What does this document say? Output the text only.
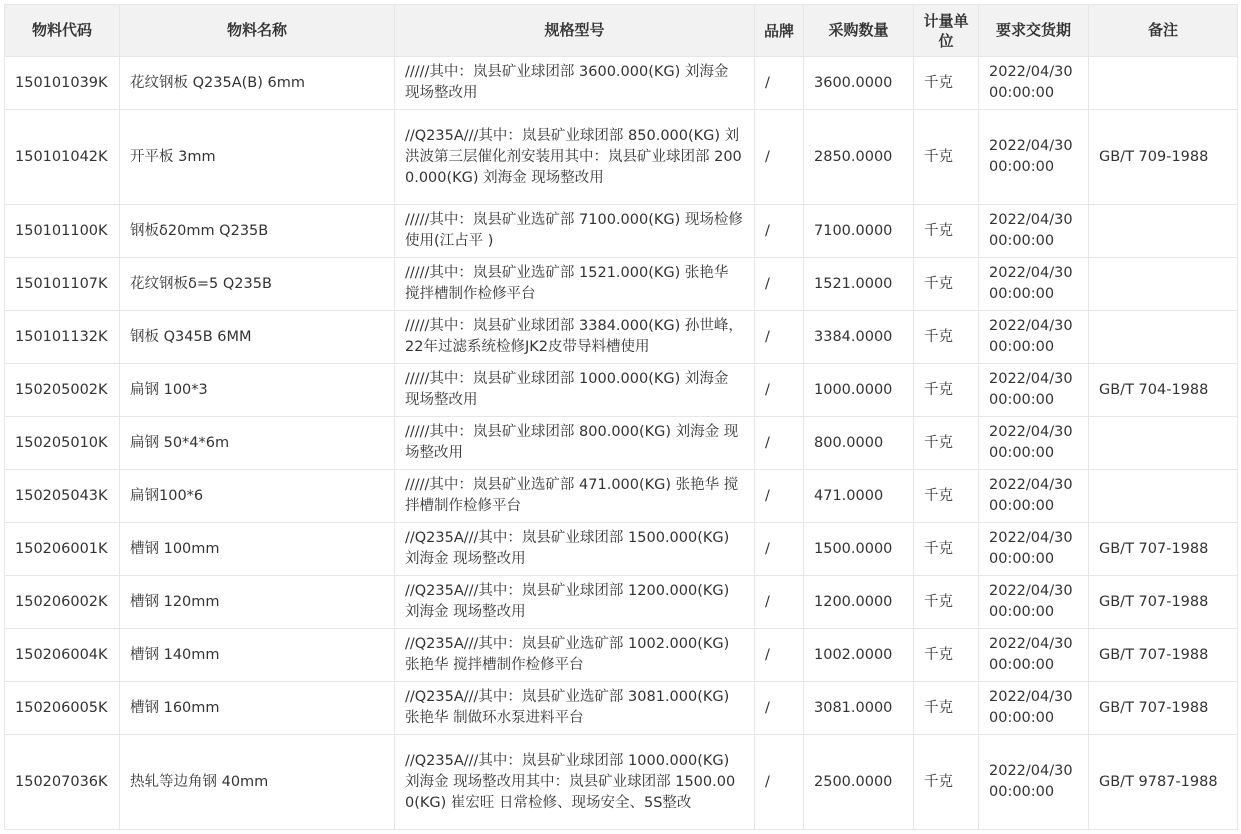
物料代码	物料名称	规格型号	品牌	采购数量	计量单位	要求交货期	备注
150101039K	花纹钢板 Q235A(B) 6mm	/////其中：岚县矿业球团部 3600.000(KG) 刘海金 现场整改用	/	3600.0000	千克	2022/04/30 00:00:00	
150101042K	开平板 3mm	//Q235A///其中：岚县矿业球团部 850.000(KG) 刘洪波第三层催化剂安装用其中：岚县矿业球团部 2000.000(KG) 刘海金 现场整改用	/	2850.0000	千克	2022/04/30 00:00:00	GB/T 709-1988
150101100K	钢板δ20mm Q235B	/////其中：岚县矿业选矿部 7100.000(KG) 现场检修使用(江占平 )	/	7100.0000	千克	2022/04/30 00:00:00	
150101107K	花纹钢板δ=5 Q235B	/////其中：岚县矿业选矿部 1521.000(KG) 张艳华 搅拌槽制作检修平台	/	1521.0000	千克	2022/04/30 00:00:00	
150101132K	钢板 Q345B 6MM	/////其中：岚县矿业球团部 3384.000(KG) 孙世峰，22年过滤系统检修JK2皮带导料槽使用	/	3384.0000	千克	2022/04/30 00:00:00	
150205002K	扁钢 100*3	/////其中：岚县矿业球团部 1000.000(KG) 刘海金 现场整改用	/	1000.0000	千克	2022/04/30 00:00:00	GB/T 704-1988
150205010K	扁钢 50*4*6m	/////其中：岚县矿业球团部 800.000(KG) 刘海金 现场整改用	/	800.0000	千克	2022/04/30 00:00:00	
150205043K	扁钢100*6	/////其中：岚县矿业选矿部 471.000(KG) 张艳华 搅拌槽制作检修平台	/	471.0000	千克	2022/04/30 00:00:00	
150206001K	槽钢 100mm	//Q235A///其中：岚县矿业球团部 1500.000(KG) 刘海金 现场整改用	/	1500.0000	千克	2022/04/30 00:00:00	GB/T 707-1988
150206002K	槽钢 120mm	//Q235A///其中：岚县矿业球团部 1200.000(KG) 刘海金 现场整改用	/	1200.0000	千克	2022/04/30 00:00:00	GB/T 707-1988
150206004K	槽钢 140mm	//Q235A///其中：岚县矿业选矿部 1002.000(KG) 张艳华 搅拌槽制作检修平台	/	1002.0000	千克	2022/04/30 00:00:00	GB/T 707-1988
150206005K	槽钢 160mm	//Q235A///其中：岚县矿业选矿部 3081.000(KG) 张艳华 制做环水泵进料平台	/	3081.0000	千克	2022/04/30 00:00:00	GB/T 707-1988
150207036K	热轧等边角钢 40mm	//Q235A///其中：岚县矿业球团部 1000.000(KG) 刘海金 现场整改用其中：岚县矿业球团部 1500.000(KG) 崔宏旺 日常检修、现场安全、5S整改	/	2500.0000	千克	2022/04/30 00:00:00	GB/T 9787-1988
